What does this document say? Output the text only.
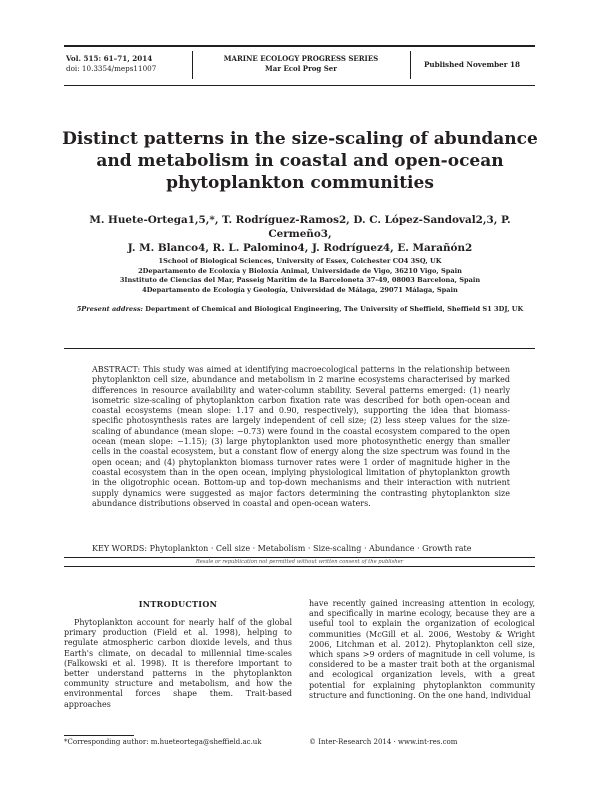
Vol. 515: 61–71, 2014
doi: 10.3354/meps11007
MARINE ECOLOGY PROGRESS SERIES
Mar Ecol Prog Ser	Published November 18
Distinct patterns in the size-scaling of abundance and metabolism in coastal and open-ocean phytoplankton communities
M. Huete-Ortega1,5,*, T. Rodríguez-Ramos2, D. C. López-Sandoval2,3, P. Cermeño3,
J. M. Blanco4, R. L. Palomino4, J. Rodríguez4, E. Marañón2
1School of Biological Sciences, University of Essex, Colchester CO4 3SQ, UK
2Departamento de Ecoloxía y Bioloxía Animal, Universidade de Vigo, 36210 Vigo, Spain
3Instituto de Ciencias del Mar, Passeig Marítim de la Barceloneta 37-49, 08003 Barcelona, Spain
4Departamento de Ecología y Geología, Universidad de Málaga, 29071 Málaga, Spain
5Present address: Department of Chemical and Biological Engineering, The University of Sheffield, Sheffield S1 3DJ, UK
ABSTRACT: This study was aimed at identifying macroecological patterns in the relationship between phytoplankton cell size, abundance and metabolism in 2 marine ecosystems characterised by marked differences in resource availability and water-column stability. Several patterns emerged: (1) nearly isometric size-scaling of phytoplankton carbon fixation rate was described for both open-ocean and coastal ecosystems (mean slope: 1.17 and 0.90, respectively), supporting the idea that biomass-specific photosynthesis rates are largely independent of cell size; (2) less steep values for the size-scaling of abundance (mean slope: −0.73) were found in the coastal ecosystem compared to the open ocean (mean slope: −1.15); (3) large phytoplankton used more photosynthetic energy than smaller cells in the coastal ecosystem, but a constant flow of energy along the size spectrum was found in the open ocean; and (4) phytoplankton biomass turnover rates were 1 order of magnitude higher in the coastal ecosystem than in the open ocean, implying physiological limitation of phytoplankton growth in the oligotrophic ocean. Bottom-up and top-down mechanisms and their interaction with nutrient supply dynamics were suggested as major factors determining the contrasting phytoplankton size abundance distributions observed in coastal and open-ocean waters.
KEY WORDS: Phytoplankton · Cell size · Metabolism · Size-scaling · Abundance · Growth rate
Resale or republication not permitted without written consent of the publisher
INTRODUCTION
Phytoplankton account for nearly half of the global primary production (Field et al. 1998), helping to regulate atmospheric carbon dioxide levels, and thus Earth's climate, on decadal to millennial time-scales (Falkowski et al. 1998). It is therefore important to better understand patterns in the phytoplankton community structure and metabolism, and how the environmental forces shape them. Trait-based approaches
have recently gained increasing attention in ecology, and specifically in marine ecology, because they are a useful tool to explain the organization of ecological communities (McGill et al. 2006, Westoby & Wright 2006, Litchman et al. 2012). Phytoplankton cell size, which spans >9 orders of magnitude in cell volume, is considered to be a master trait both at the organismal and ecological organization levels, with a great potential for explaining phytoplankton community structure and functioning. On the one hand, individual
*Corresponding author: m.hueteortega@sheffield.ac.uk	© Inter-Research 2014 · www.int-res.com
